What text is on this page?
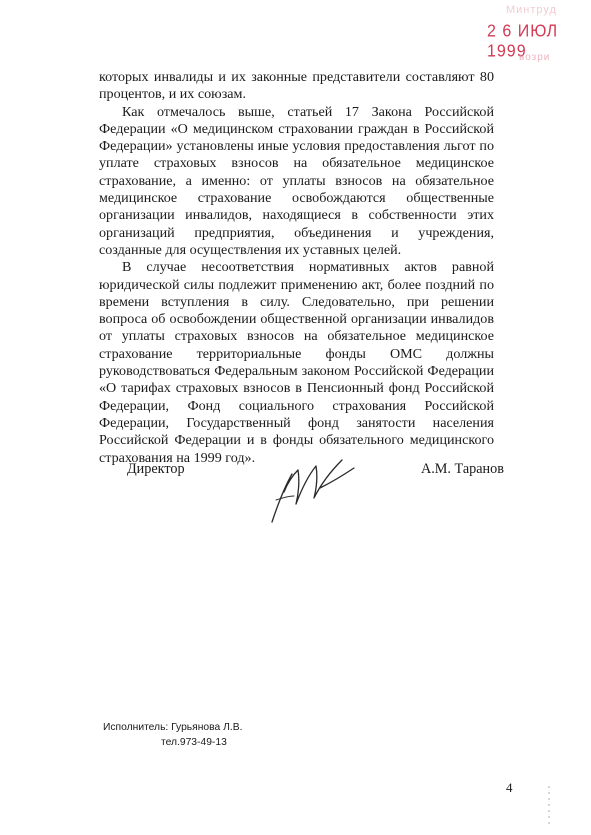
Минтруд
2 6 ИЮЛ 1999
возри

которых инвалиды и их законные представители составляют 80 процентов, и их союзам.

Как отмечалось выше, статьей 17 Закона Российской Федерации «О медицинском страховании граждан в Российской Федерации» установлены иные условия предоставления льгот по уплате страховых взносов на обязательное медицинское страхование, а именно: от уплаты взносов на обязательное медицинское страхование освобождаются общественные организации инвалидов, находящиеся в собственности этих организаций предприятия, объединения и учреждения, созданные для осуществления их уставных целей.

В случае несоответствия нормативных актов равной юридической силы подлежит применению акт, более поздний по времени вступления в силу. Следовательно, при решении вопроса об освобождении общественной организации инвалидов от уплаты страховых взносов на обязательное медицинское страхование территориальные фонды ОМС должны руководствоваться Федеральным законом Российской Федерации «О тарифах страховых взносов в Пенсионный фонд Российской Федерации, Фонд социального страхования Российской Федерации, Государственный фонд занятости населения Российской Федерации и в фонды обязательного медицинского страхования на 1999 год».

Директор	А.М. Таранов
Исполнитель: Гурьянова Л.В.
тел.973-49-13
4
